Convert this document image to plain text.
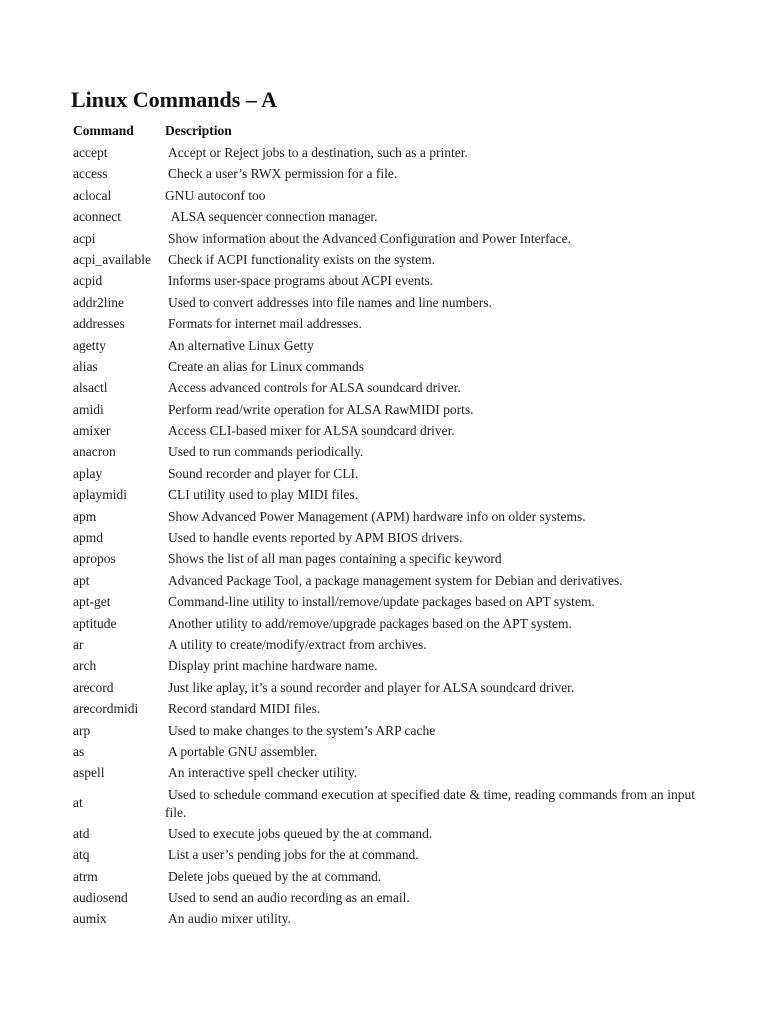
Linux Commands – A
Command Description
accept	Accept or Reject jobs to a destination, such as a printer.
access	Check a user’s RWX permission for a file.
aclocal	GNU autoconf too
aconnect	ALSA sequencer connection manager.
acpi	Show information about the Advanced Configuration and Power Interface.
acpi_available Check if ACPI functionality exists on the system.
acpid	Informs user-space programs about ACPI events.
addr2line	Used to convert addresses into file names and line numbers.
addresses	Formats for internet mail addresses.
agetty	An alternative Linux Getty
alias	Create an alias for Linux commands
alsactl	Access advanced controls for ALSA soundcard driver.
amidi	Perform read/write operation for ALSA RawMIDI ports.
amixer	Access CLI-based mixer for ALSA soundcard driver.
anacron	Used to run commands periodically.
aplay	Sound recorder and player for CLI.
aplaymidi	CLI utility used to play MIDI files.
apm	Show Advanced Power Management (APM) hardware info on older systems.
apmd	Used to handle events reported by APM BIOS drivers.
apropos	Shows the list of all man pages containing a specific keyword
apt	Advanced Package Tool, a package management system for Debian and derivatives.
apt-get	Command-line utility to install/remove/update packages based on APT system.
aptitude	Another utility to add/remove/upgrade packages based on the APT system.
ar	A utility to create/modify/extract from archives.
arch	Display print machine hardware name.
arecord	Just like aplay, it’s a sound recorder and player for ALSA soundcard driver.
arecordmidi Record standard MIDI files.
arp	Used to make changes to the system’s ARP cache
as	A portable GNU assembler.
aspell	An interactive spell checker utility.
at
Used to schedule command execution at specified date & time, reading commands from an input file.
atd	Used to execute jobs queued by the at command.
atq	List a user’s pending jobs for the at command.
atrm	Delete jobs queued by the at command.
audiosend	Used to send an audio recording as an email.
aumix	An audio mixer utility.
